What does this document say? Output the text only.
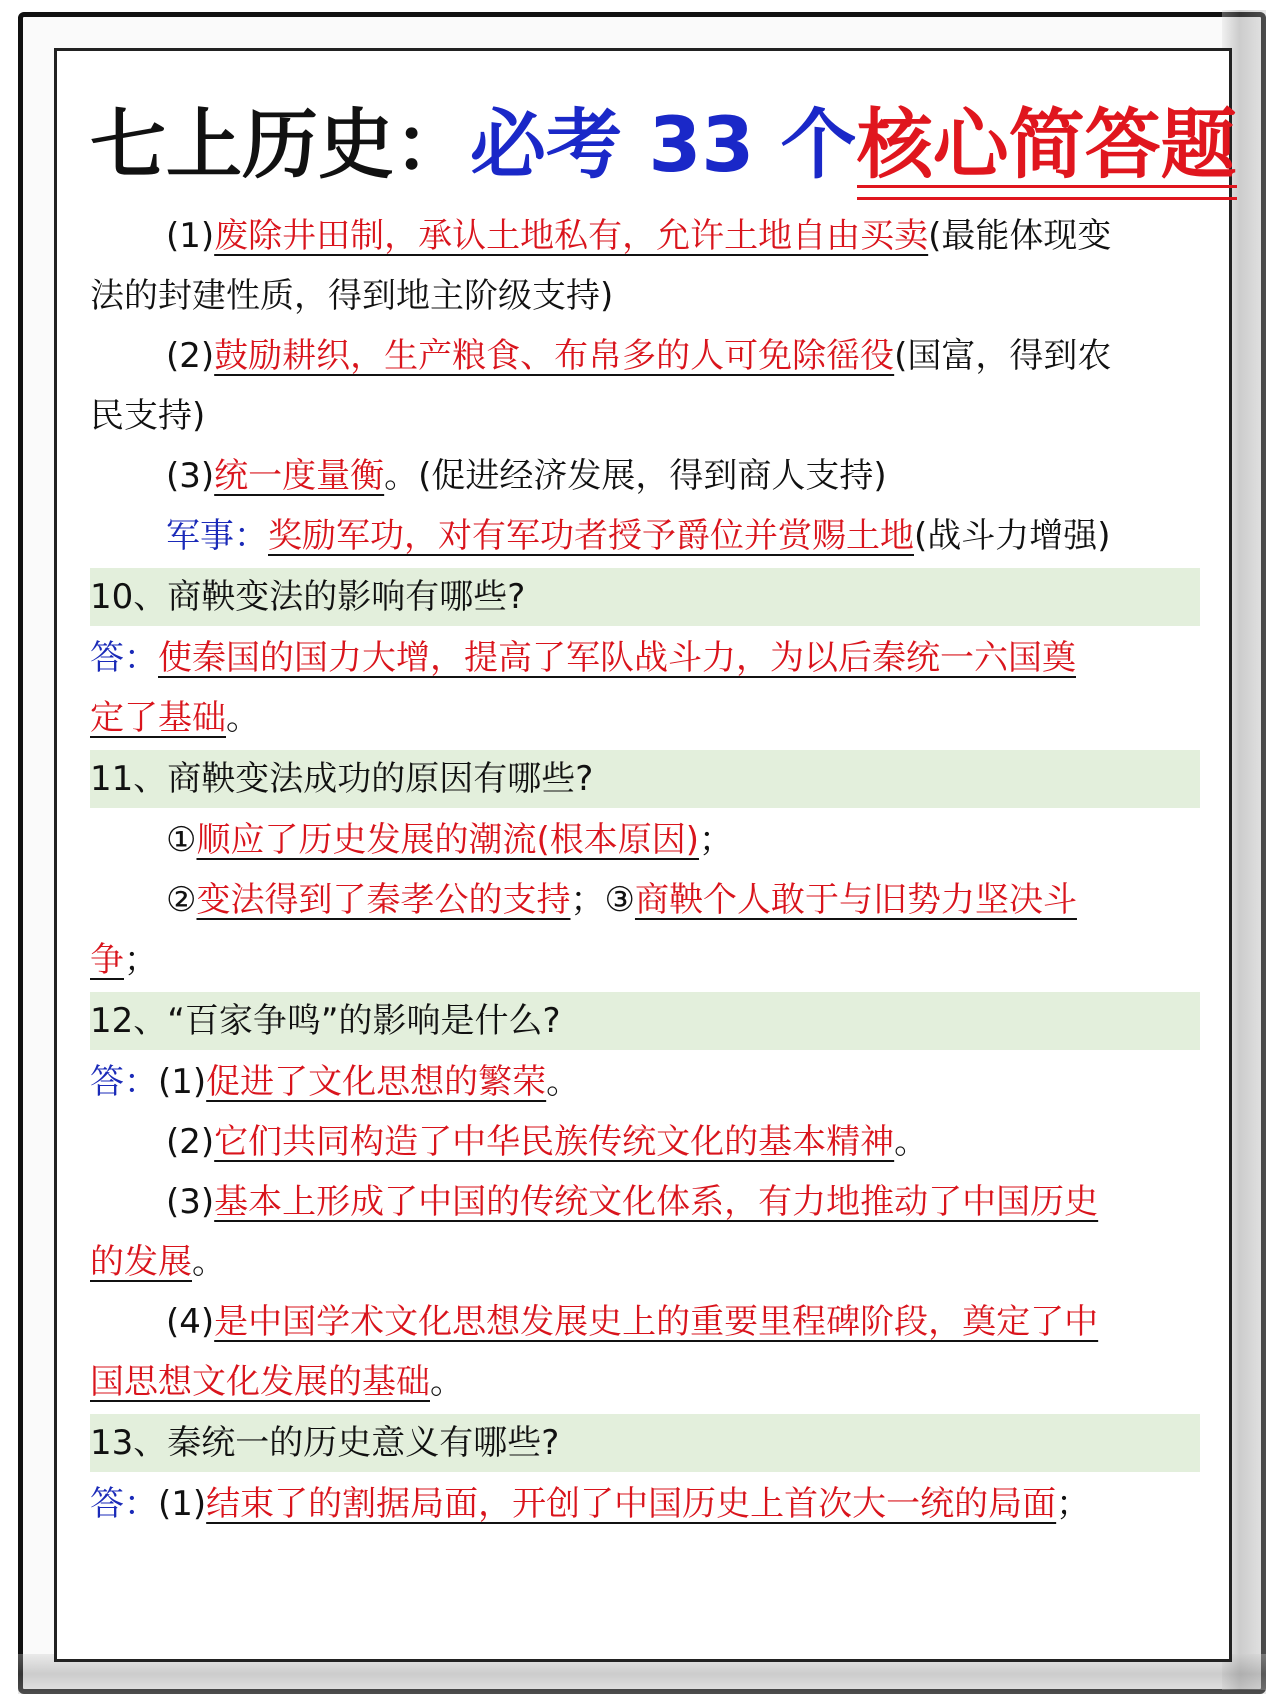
七上历史：必考 33 个核心简答题
(1)废除井田制，承认土地私有，允许土地自由买卖(最能体现变
法的封建性质，得到地主阶级支持)
(2)鼓励耕织，生产粮食、布帛多的人可免除徭役(国富，得到农
民支持)
(3)统一度量衡。(促进经济发展，得到商人支持)
军事：奖励军功，对有军功者授予爵位并赏赐土地(战斗力增强)
10、商鞅变法的影响有哪些?
答：使秦国的国力大增，提高了军队战斗力，为以后秦统一六国奠
定了基础。
11、商鞅变法成功的原因有哪些?
①顺应了历史发展的潮流(根本原因)；
②变法得到了秦孝公的支持；③商鞅个人敢于与旧势力坚决斗
争；
12、“百家争鸣”的影响是什么?
答：(1)促进了文化思想的繁荣。
(2)它们共同构造了中华民族传统文化的基本精神。
(3)基本上形成了中国的传统文化体系，有力地推动了中国历史
的发展。
(4)是中国学术文化思想发展史上的重要里程碑阶段，奠定了中
国思想文化发展的基础。
13、秦统一的历史意义有哪些?
答：(1)结束了的割据局面，开创了中国历史上首次大一统的局面；
